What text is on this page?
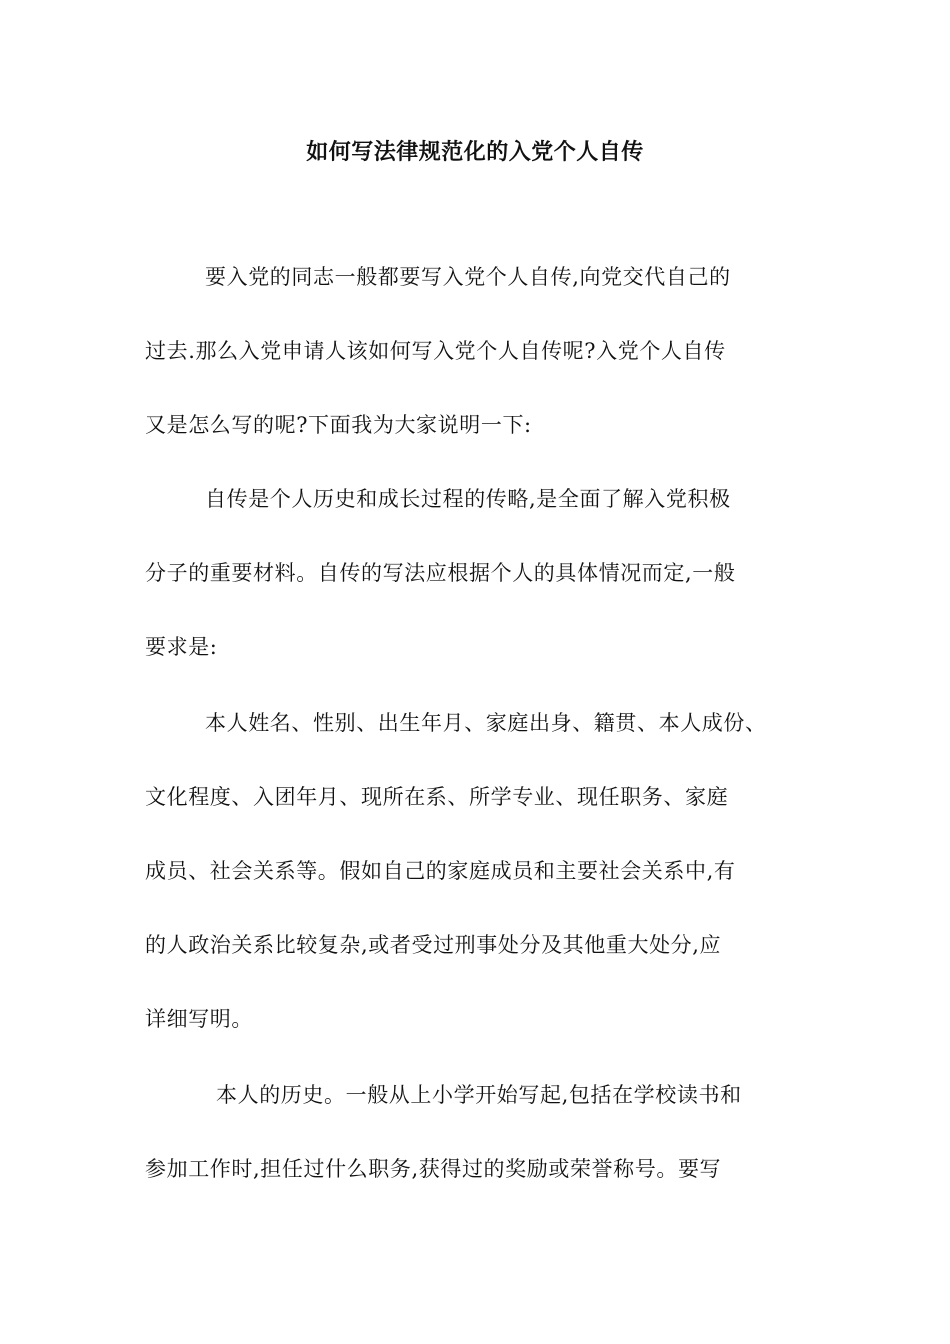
如何写法律规范化的入党个人自传
要入党的同志一般都要写入党个人自传,向党交代自己的
过去.那么入党申请人该如何写入党个人自传呢?入党个人自传
又是怎么写的呢?下面我为大家说明一下:
自传是个人历史和成长过程的传略,是全面了解入党积极
分子的重要材料。自传的写法应根据个人的具体情况而定,一般
要求是:
本人姓名、性别、出生年月、家庭出身、籍贯、本人成份、
文化程度、入团年月、现所在系、所学专业、现任职务、家庭
成员、社会关系等。假如自己的家庭成员和主要社会关系中,有
的人政治关系比较复杂,或者受过刑事处分及其他重大处分,应
详细写明。
本人的历史。一般从上小学开始写起,包括在学校读书和
参加工作时,担任过什么职务,获得过的奖励或荣誉称号。要写
